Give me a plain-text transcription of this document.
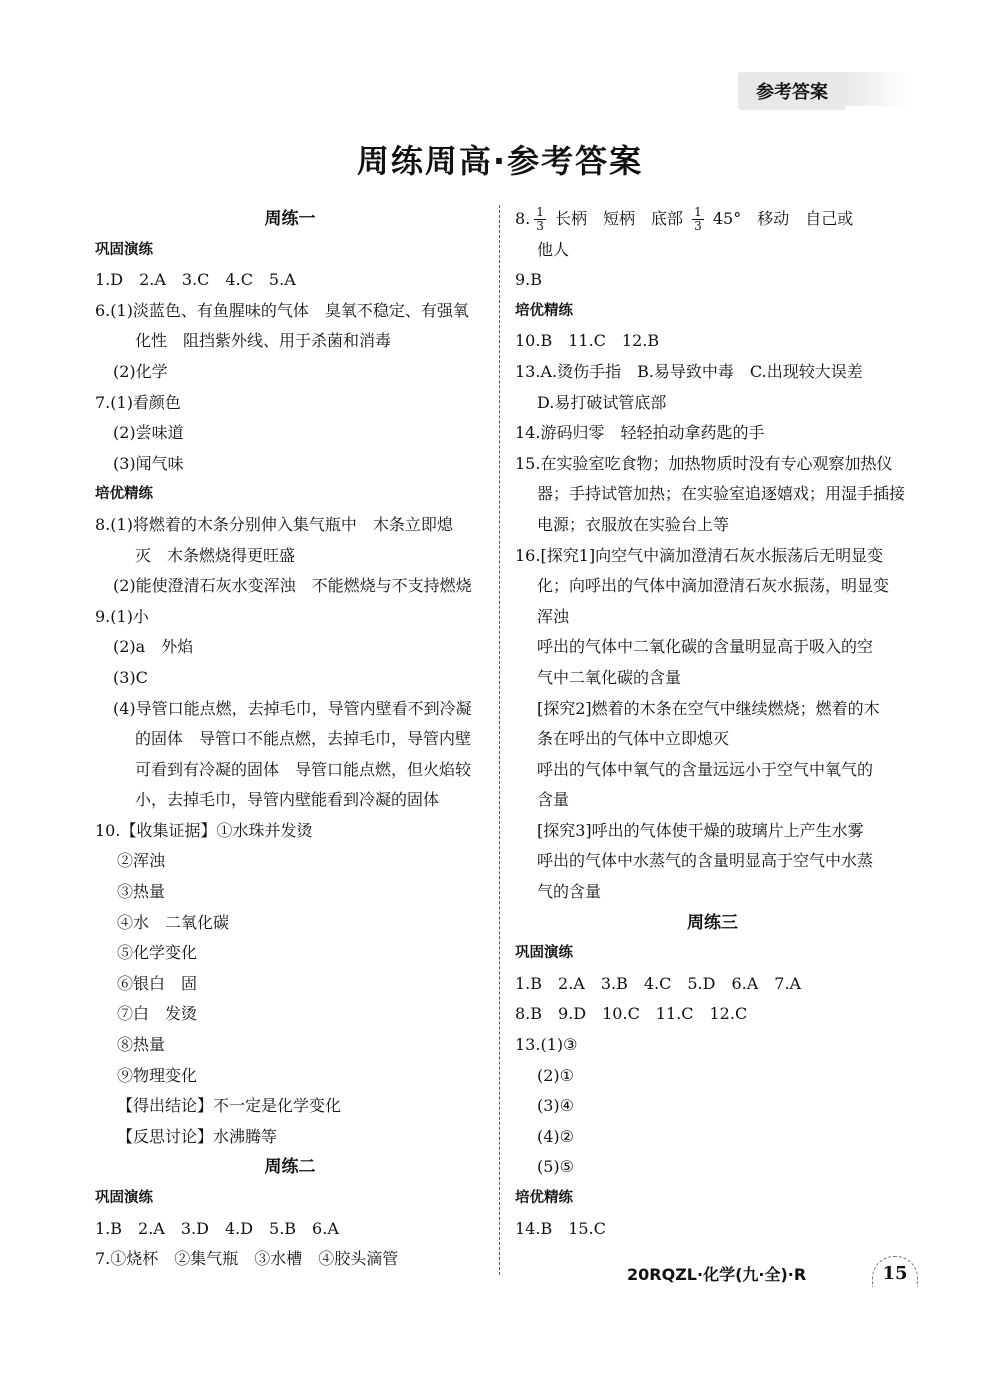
参考答案
周练周高·参考答案
周练一
巩固演练
1.D　2.A　3.C　4.C　5.A
6.(1)淡蓝色、有鱼腥味的气体　臭氧不稳定、有强氧
化性　阻挡紫外线、用于杀菌和消毒
(2)化学
7.(1)看颜色
(2)尝味道
(3)闻气味
培优精练
8.(1)将燃着的木条分别伸入集气瓶中　木条立即熄
灭　木条燃烧得更旺盛
(2)能使澄清石灰水变浑浊　不能燃烧与不支持燃烧
9.(1)小
(2)a　外焰
(3)C
(4)导管口能点燃，去掉毛巾，导管内壁看不到冷凝
的固体　导管口不能点燃，去掉毛巾，导管内壁
可看到有冷凝的固体　导管口能点燃，但火焰较
小，去掉毛巾，导管内壁能看到冷凝的固体
10.【收集证据】①水珠并发烫
②浑浊
③热量
④水　二氧化碳
⑤化学变化
⑥银白　固
⑦白　发烫
⑧热量
⑨物理变化
【得出结论】不一定是化学变化
【反思讨论】水沸腾等
周练二
巩固演练
1.B　2.A　3.D　4.D　5.B　6.A
7.①烧杯　②集气瓶　③水槽　④胶头滴管
8. $\frac{1}{3}$ 长柄　短柄　底部 $\frac{1}{3} 45^\circ$　移动　自己或
他人
9.B
培优精练
10.B　11.C　12.B
13.A.烫伤手指　B.易导致中毒　C.出现较大误差
D.易打破试管底部
14.游码归零　轻轻拍动拿药匙的手
15.在实验室吃食物；加热物质时没有专心观察加热仪
器；手持试管加热；在实验室追逐嬉戏；用湿手插接
电源；衣服放在实验台上等
16.[探究1]向空气中滴加澄清石灰水振荡后无明显变
化；向呼出的气体中滴加澄清石灰水振荡，明显变
浑浊
呼出的气体中二氧化碳的含量明显高于吸入的空
气中二氧化碳的含量
[探究2]燃着的木条在空气中继续燃烧；燃着的木
条在呼出的气体中立即熄灭
呼出的气体中氧气的含量远远小于空气中氧气的
含量
[探究3]呼出的气体使干燥的玻璃片上产生水雾
呼出的气体中水蒸气的含量明显高于空气中水蒸
气的含量
周练三
巩固演练
1.B　2.A　3.B　4.C　5.D　6.A　7.A
8.B　9.D　10.C　11.C　12.C
13.(1)③
(2)①
(3)④
(4)②
(5)⑤
培优精练
14.B　15.C
20RQZL·化学(九·全)·R	15
